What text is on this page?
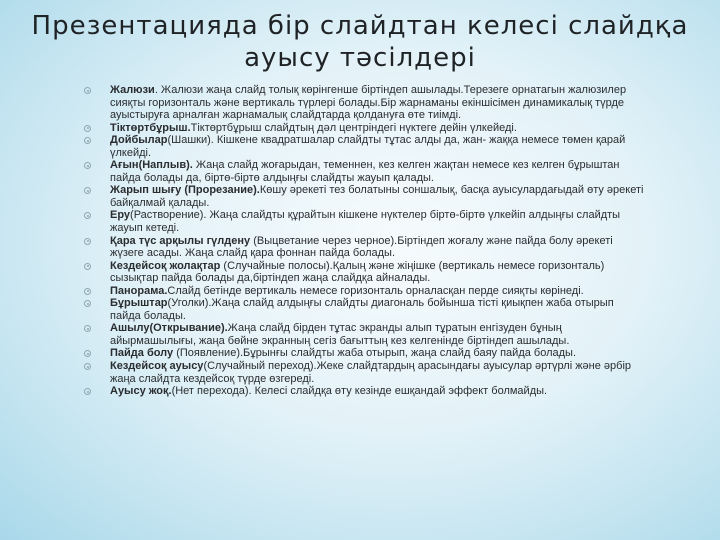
Презентацияда бір слайдтан келесі слайдқа
ауысу тәсілдері
Жалюзи. Жалюзи жаңа слайд толық көрінгенше біртіндеп ашылады.Терезеге орнатагын жалюзилер сияқты горизонталь және вертикаль түрлері болады.Бір жарнаманы екіншісімен динамикалық түрде ауыстыруға арналған жарнамалық слайдтарда қолдануға өте тиімді.
Тіктөртбұрыш.Тіктөртбұрыш слайдтың дәл центріндегі нүктеге дейін үлкейеді.
Дойбылар(Шашки). Кішкене квадратшалар слайдты тұтас алды да, жан- жаққа немесе төмен қарай үлкейді.
Ағын(Наплыв). Жаңа слайд жоғарыдан, теменнен, кез келген жақтан немесе кез келген бұрыштан пайда болады да, біртө-біртө алдыңғы слайдты жауып қалады.
Жарып шығу (Прорезание).Көшу әрекеті тез болатыны соншалық, басқа ауысулардағыдай өту әрекеті байқалмай қалады.
Еру(Растворение). Жаңа слайдты құрайтын кішкене нүктелер біртө-біртө үлкейіп алдыңғы слайдты жауып кетеді.
Қара түс арқылы гүлдену (Выцветание через черное).Біртіндеп жоғалу және пайда болу әрекеті жүзеге асады. Жаңа слайд қара фоннан пайда болады.
Кездейсоқ жолақтар (Случайные полосы).Қалың және жіңішке (вертикаль немесе горизонталь) сызықтар пайда болады да,біртіндеп жаңа слайдқа айналады.
Панорама.Слайд бетінде вертикаль немесе горизонталь орналасқан перде сияқты көрінеді.
Бұрыштар(Уголки).Жаңа слайд алдыңғы слайдты диагональ бойынша тісті қиықпен жаба отырып пайда болады.
Ашылу(Открывание).Жаңа слайд бірден тұтас экранды алып тұратын енгізуден бұның айырмашылығы, жаңа бөйне экранның сегіз бағыттың кез келгенінде біртіндеп ашылады.
Пайда болу (Появление).Бұрынғы слайдты жаба отырып, жаңа слайд баяу пайда болады.
Кездейсоқ ауысу(Случайный переход).Жеке слайдтардың арасындағы ауысулар әртүрлі және әрбір жаңа слайдта кездейсоқ түрде өзгереді.
Ауысу жоқ.(Нет перехода). Келесі слайдқа өту кезінде ешқандай эффект болмайды.
